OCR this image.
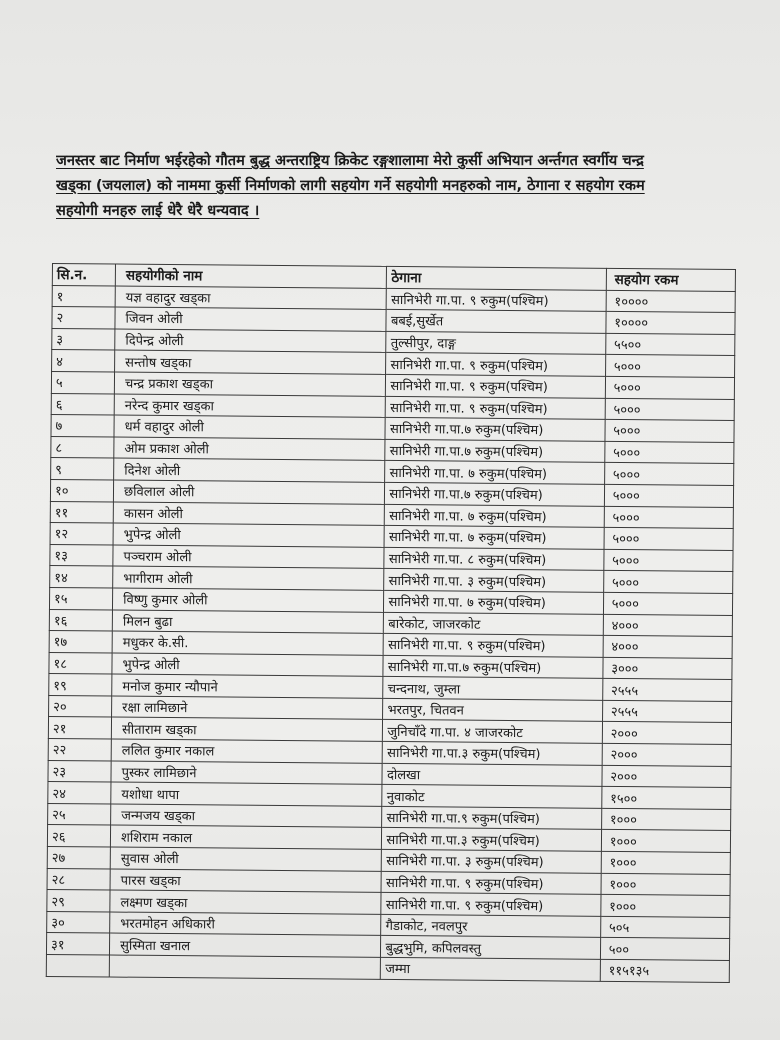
जनस्तर बाट निर्माण भईरहेको गौतम बुद्ध अन्तराष्ट्रिय क्रिकेट रङ्गशालामा मेरो कुर्सी अभियान अर्न्तगत स्वर्गीय चन्द्र
खड्का (जयलाल) को नाममा कुर्सी निर्माणको लागी सहयोग गर्ने सहयोगी मनहरुको नाम, ठेगाना र सहयोग रकम
सहयोगी मनहरु लाई धेरै धेरै धन्यवाद ।
सि.न.	सहयोगीको नाम	ठेगाना	सहयोग रकम
१	यज्ञ वहादुर खड्का	सानिभेरी गा.पा. ९ रुकुम(पश्चिम)	१००००
२	जिवन ओली	बबई,सुर्खेत	१००००
३	दिपेन्द्र ओली	तुल्सीपुर, दाङ्ग	५५००
४	सन्तोष खड्का	सानिभेरी गा.पा. ९ रुकुम(पश्चिम)	५०००
५	चन्द्र प्रकाश खड्का	सानिभेरी गा.पा. ९ रुकुम(पश्चिम)	५०००
६	नरेन्द कुमार खड्का	सानिभेरी गा.पा. ९ रुकुम(पश्चिम)	५०००
७	धर्म वहादुर ओली	सानिभेरी गा.पा.७ रुकुम(पश्चिम)	५०००
८	ओम प्रकाश ओली	सानिभेरी गा.पा.७ रुकुम(पश्चिम)	५०००
९	दिनेश ओली	सानिभेरी गा.पा. ७ रुकुम(पश्चिम)	५०००
१०	छविलाल ओली	सानिभेरी गा.पा.७ रुकुम(पश्चिम)	५०००
११	कासन ओली	सानिभेरी गा.पा. ७ रुकुम(पश्चिम)	५०००
१२	भुपेन्द्र ओली	सानिभेरी गा.पा. ७ रुकुम(पश्चिम)	५०००
१३	पञ्चराम ओली	सानिभेरी गा.पा. ८ रुकुम(पश्चिम)	५०००
१४	भागीराम ओली	सानिभेरी गा.पा. ३ रुकुम(पश्चिम)	५०००
१५	विष्णु कुमार ओली	सानिभेरी गा.पा. ७ रुकुम(पश्चिम)	५०००
१६	मिलन बुढा	बारेकोट, जाजरकोट	४०००
१७	मधुकर के.सी.	सानिभेरी गा.पा. ९ रुकुम(पश्चिम)	४०००
१८	भुपेन्द्र ओली	सानिभेरी गा.पा.७ रुकुम(पश्चिम)	३०००
१९	मनोज कुमार न्यौपाने	चन्दनाथ, जुम्ला	२५५५
२०	रक्षा लामिछाने	भरतपुर, चितवन	२५५५
२१	सीताराम खड्का	जुनिचाँदे गा.पा. ४ जाजरकोट	२०००
२२	ललित कुमार नकाल	सानिभेरी गा.पा.३ रुकुम(पश्चिम)	२०००
२३	पुस्कर लामिछाने	दोलखा	२०००
२४	यशोधा थापा	नुवाकोट	१५००
२५	जन्मजय खड्का	सानिभेरी गा.पा.९ रुकुम(पश्चिम)	१०००
२६	शशिराम नकाल	सानिभेरी गा.पा.३ रुकुम(पश्चिम)	१०००
२७	सुवास ओली	सानिभेरी गा.पा. ३ रुकुम(पश्चिम)	१०००
२८	पारस खड्का	सानिभेरी गा.पा. ९ रुकुम(पश्चिम)	१०००
२९	लक्ष्मण खड्का	सानिभेरी गा.पा. ९ रुकुम(पश्चिम)	१०००
३०	भरतमोहन अधिकारी	गैडाकोट, नवलपुर	५०५
३१	सुस्मिता खनाल	बुद्धभुमि, कपिलवस्तु	५००
		जम्मा	११५१३५
